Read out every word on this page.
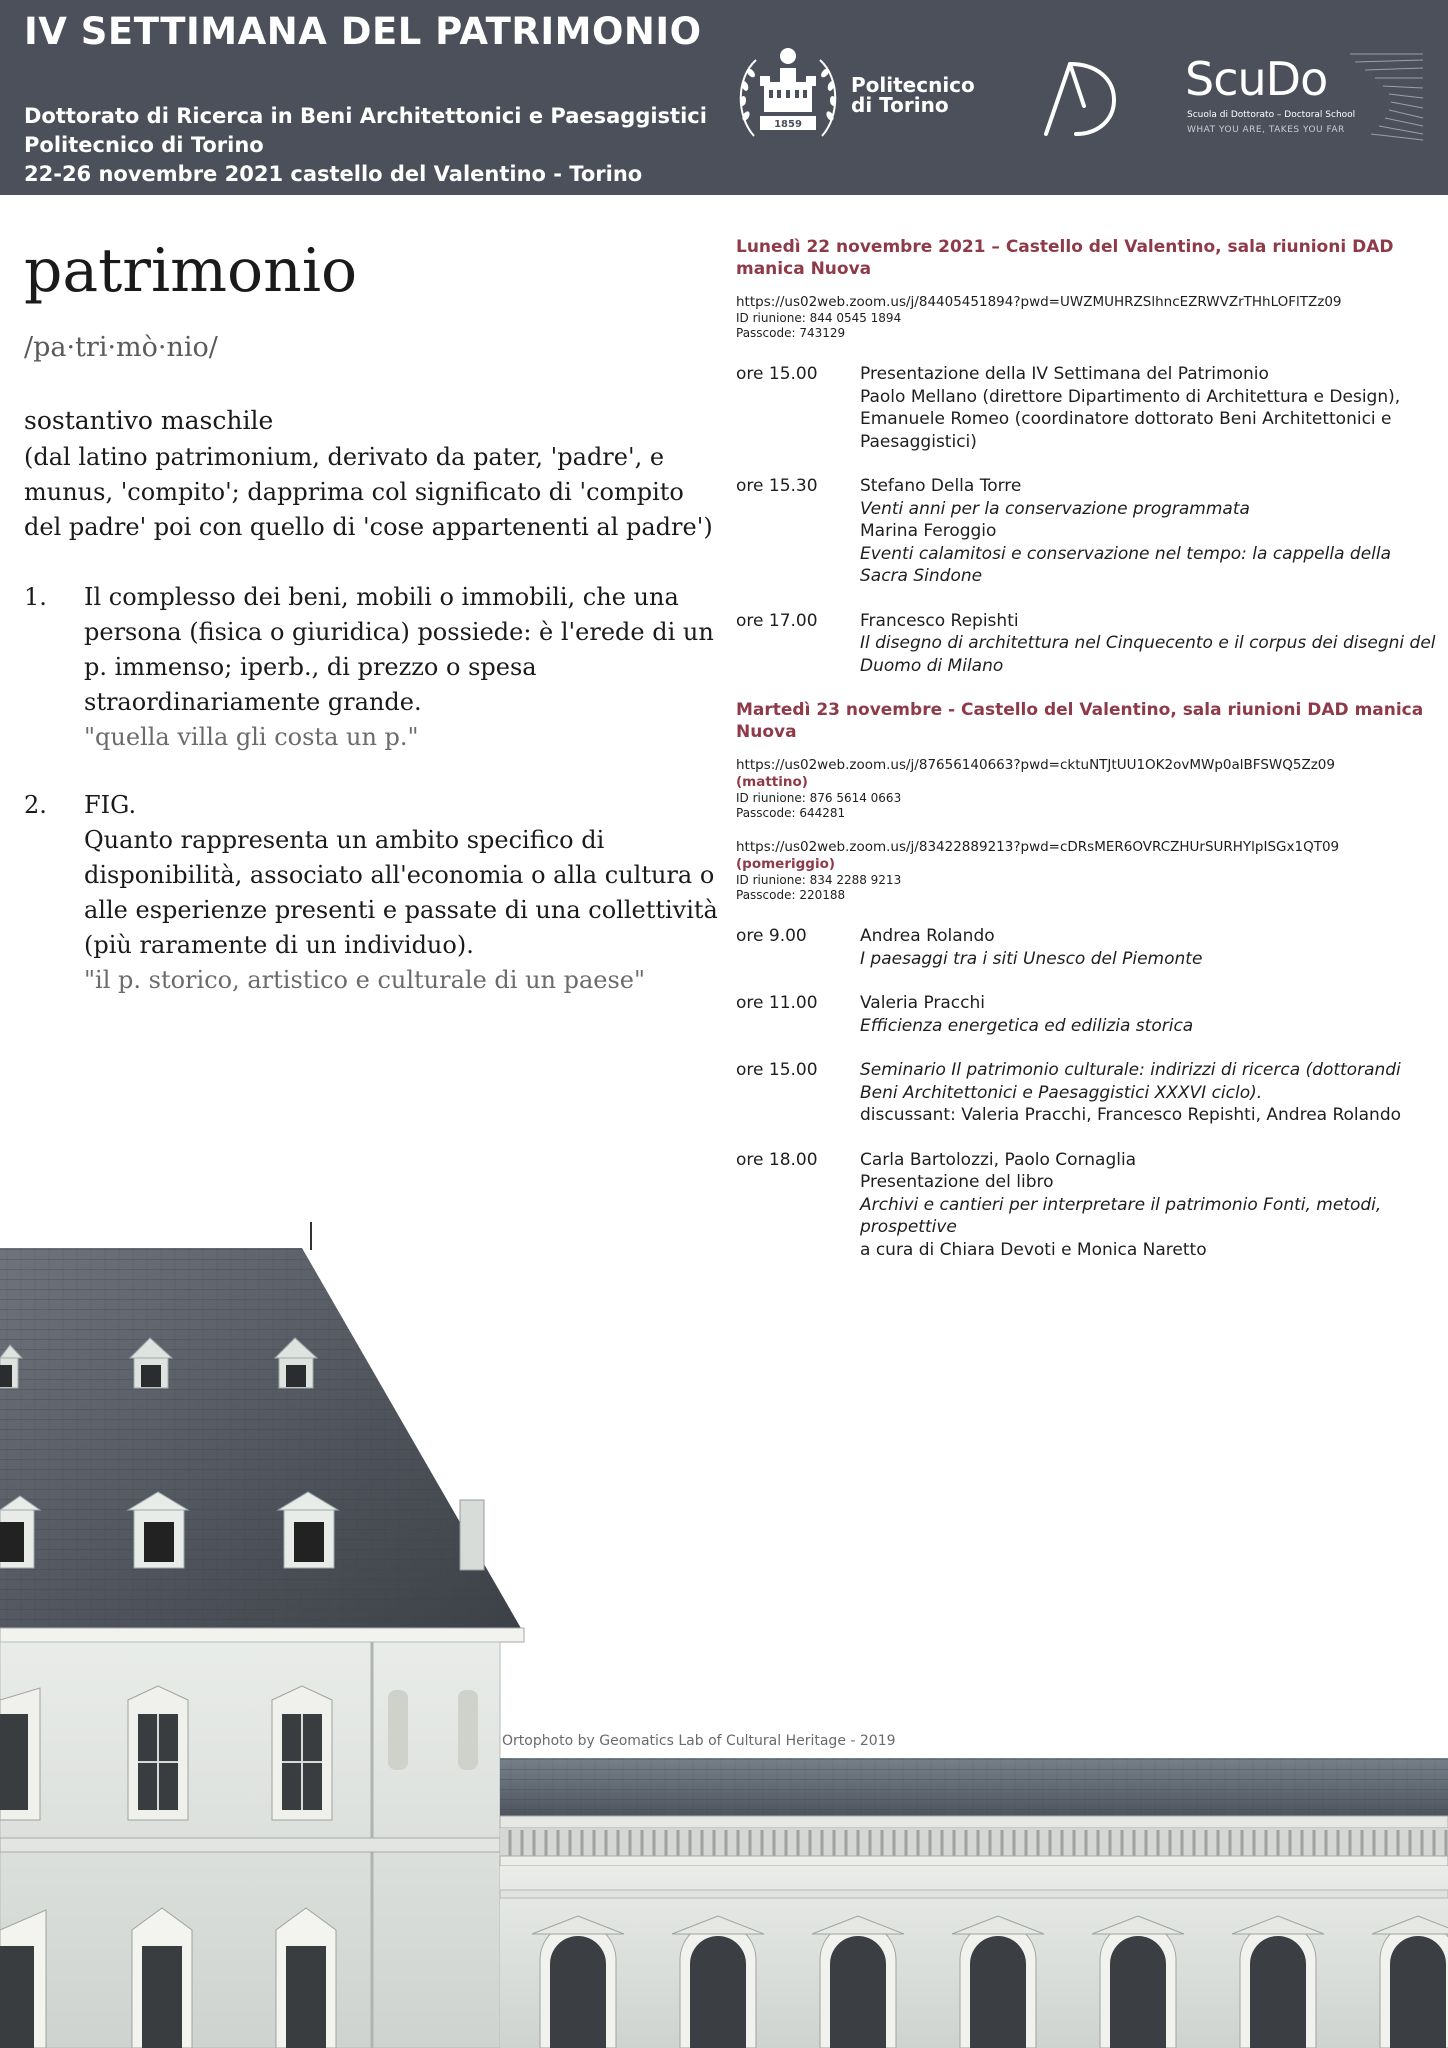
IV SETTIMANA DEL PATRIMONIO
Dottorato di Ricerca in Beni Architettonici e Paesaggistici
Politecnico di Torino
22-26 novembre 2021 castello del Valentino - Torino
1859
Politecnico
di Torino	ScuDo
Scuola di Dottorato – Doctoral School
WHAT YOU ARE, TAKES YOU FAR
patrimonio
/pa·tri·mò·nio/
sostantivo maschile
(dal latino patrimonium, derivato da pater, 'padre', e munus, 'compito'; dapprima col significato di 'compito del padre' poi con quello di 'cose appartenenti al padre')
1. Il complesso dei beni, mobili o immobili, che una persona (fisica o giuridica) possiede: è l'erede di un p. immenso; iperb., di prezzo o spesa straordinariamente grande.
"quella villa gli costa un p."
2. FIG.
Quanto rappresenta un ambito specifico di disponibilità, associato all'economia o alla cultura o alle esperienze presenti e passate di una collettività (più raramente di un individuo).
"il p. storico, artistico e culturale di un paese"
Lunedì 22 novembre 2021 – Castello del Valentino, sala riunioni DAD manica Nuova
https://us02web.zoom.us/j/84405451894?pwd=UWZMUHRZSlhncEZRWVZrTHhLOFlTZz09
ID riunione: 844 0545 1894
Passcode: 743129
ore 15.00 Presentazione della IV Settimana del Patrimonio
Paolo Mellano (direttore Dipartimento di Architettura e Design), Emanuele Romeo (coordinatore dottorato Beni Architettonici e Paesaggistici)
ore 15.30 Stefano Della Torre
Venti anni per la conservazione programmata
Marina Feroggio
Eventi calamitosi e conservazione nel tempo: la cappella della Sacra Sindone
ore 17.00 Francesco Repishti
Il disegno di architettura nel Cinquecento e il corpus dei disegni del Duomo di Milano
Martedì 23 novembre - Castello del Valentino, sala riunioni DAD manica Nuova
https://us02web.zoom.us/j/87656140663?pwd=cktuNTJtUU1OK2ovMWp0alBFSWQ5Zz09
(mattino)
ID riunione: 876 5614 0663
Passcode: 644281
https://us02web.zoom.us/j/83422889213?pwd=cDRsMER6OVRCZHUrSURHYlpISGx1QT09
(pomeriggio)
ID riunione: 834 2288 9213
Passcode: 220188
ore 9.00	Andrea Rolando
I paesaggi tra i siti Unesco del Piemonte
ore 11.00 Valeria Pracchi
Efficienza energetica ed edilizia storica
ore 15.00 Seminario Il patrimonio culturale: indirizzi di ricerca (dottorandi Beni Architettonici e Paesaggistici XXXVI ciclo).
discussant: Valeria Pracchi, Francesco Repishti, Andrea Rolando
ore 18.00 Carla Bartolozzi, Paolo Cornaglia
Presentazione del libro
Archivi e cantieri per interpretare il patrimonio Fonti, metodi, prospettive
a cura di Chiara Devoti e Monica Naretto
Ortophoto by Geomatics Lab of Cultural Heritage - 2019
